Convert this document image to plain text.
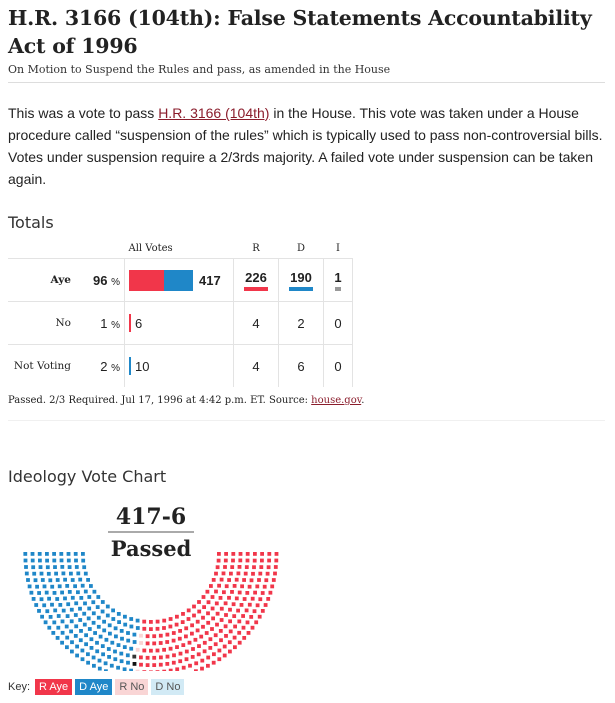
H.R. 3166 (104th): False Statements Accountability Act of 1996
On Motion to Suspend the Rules and pass, as amended in the House
This was a vote to pass H.R. 3166 (104th) in the House. This vote was taken under a House procedure called “suspension of the rules” which is typically used to pass non-controversial bills. Votes under suspension require a 2/3rds majority. A failed vote under suspension can be taken again.
Totals
		All Votes	R	D	I
Aye	96 %	417	226	190	1

No	1 %	6	4	2	0
Not Voting	2 %	10	4	6	0
Passed. 2/3 Required. Jul 17, 1996 at 4:42 p.m. ET. Source: house.gov.
Ideology Vote Chart
417-6
Passed
Key: R Aye	D Aye	R No	D No
